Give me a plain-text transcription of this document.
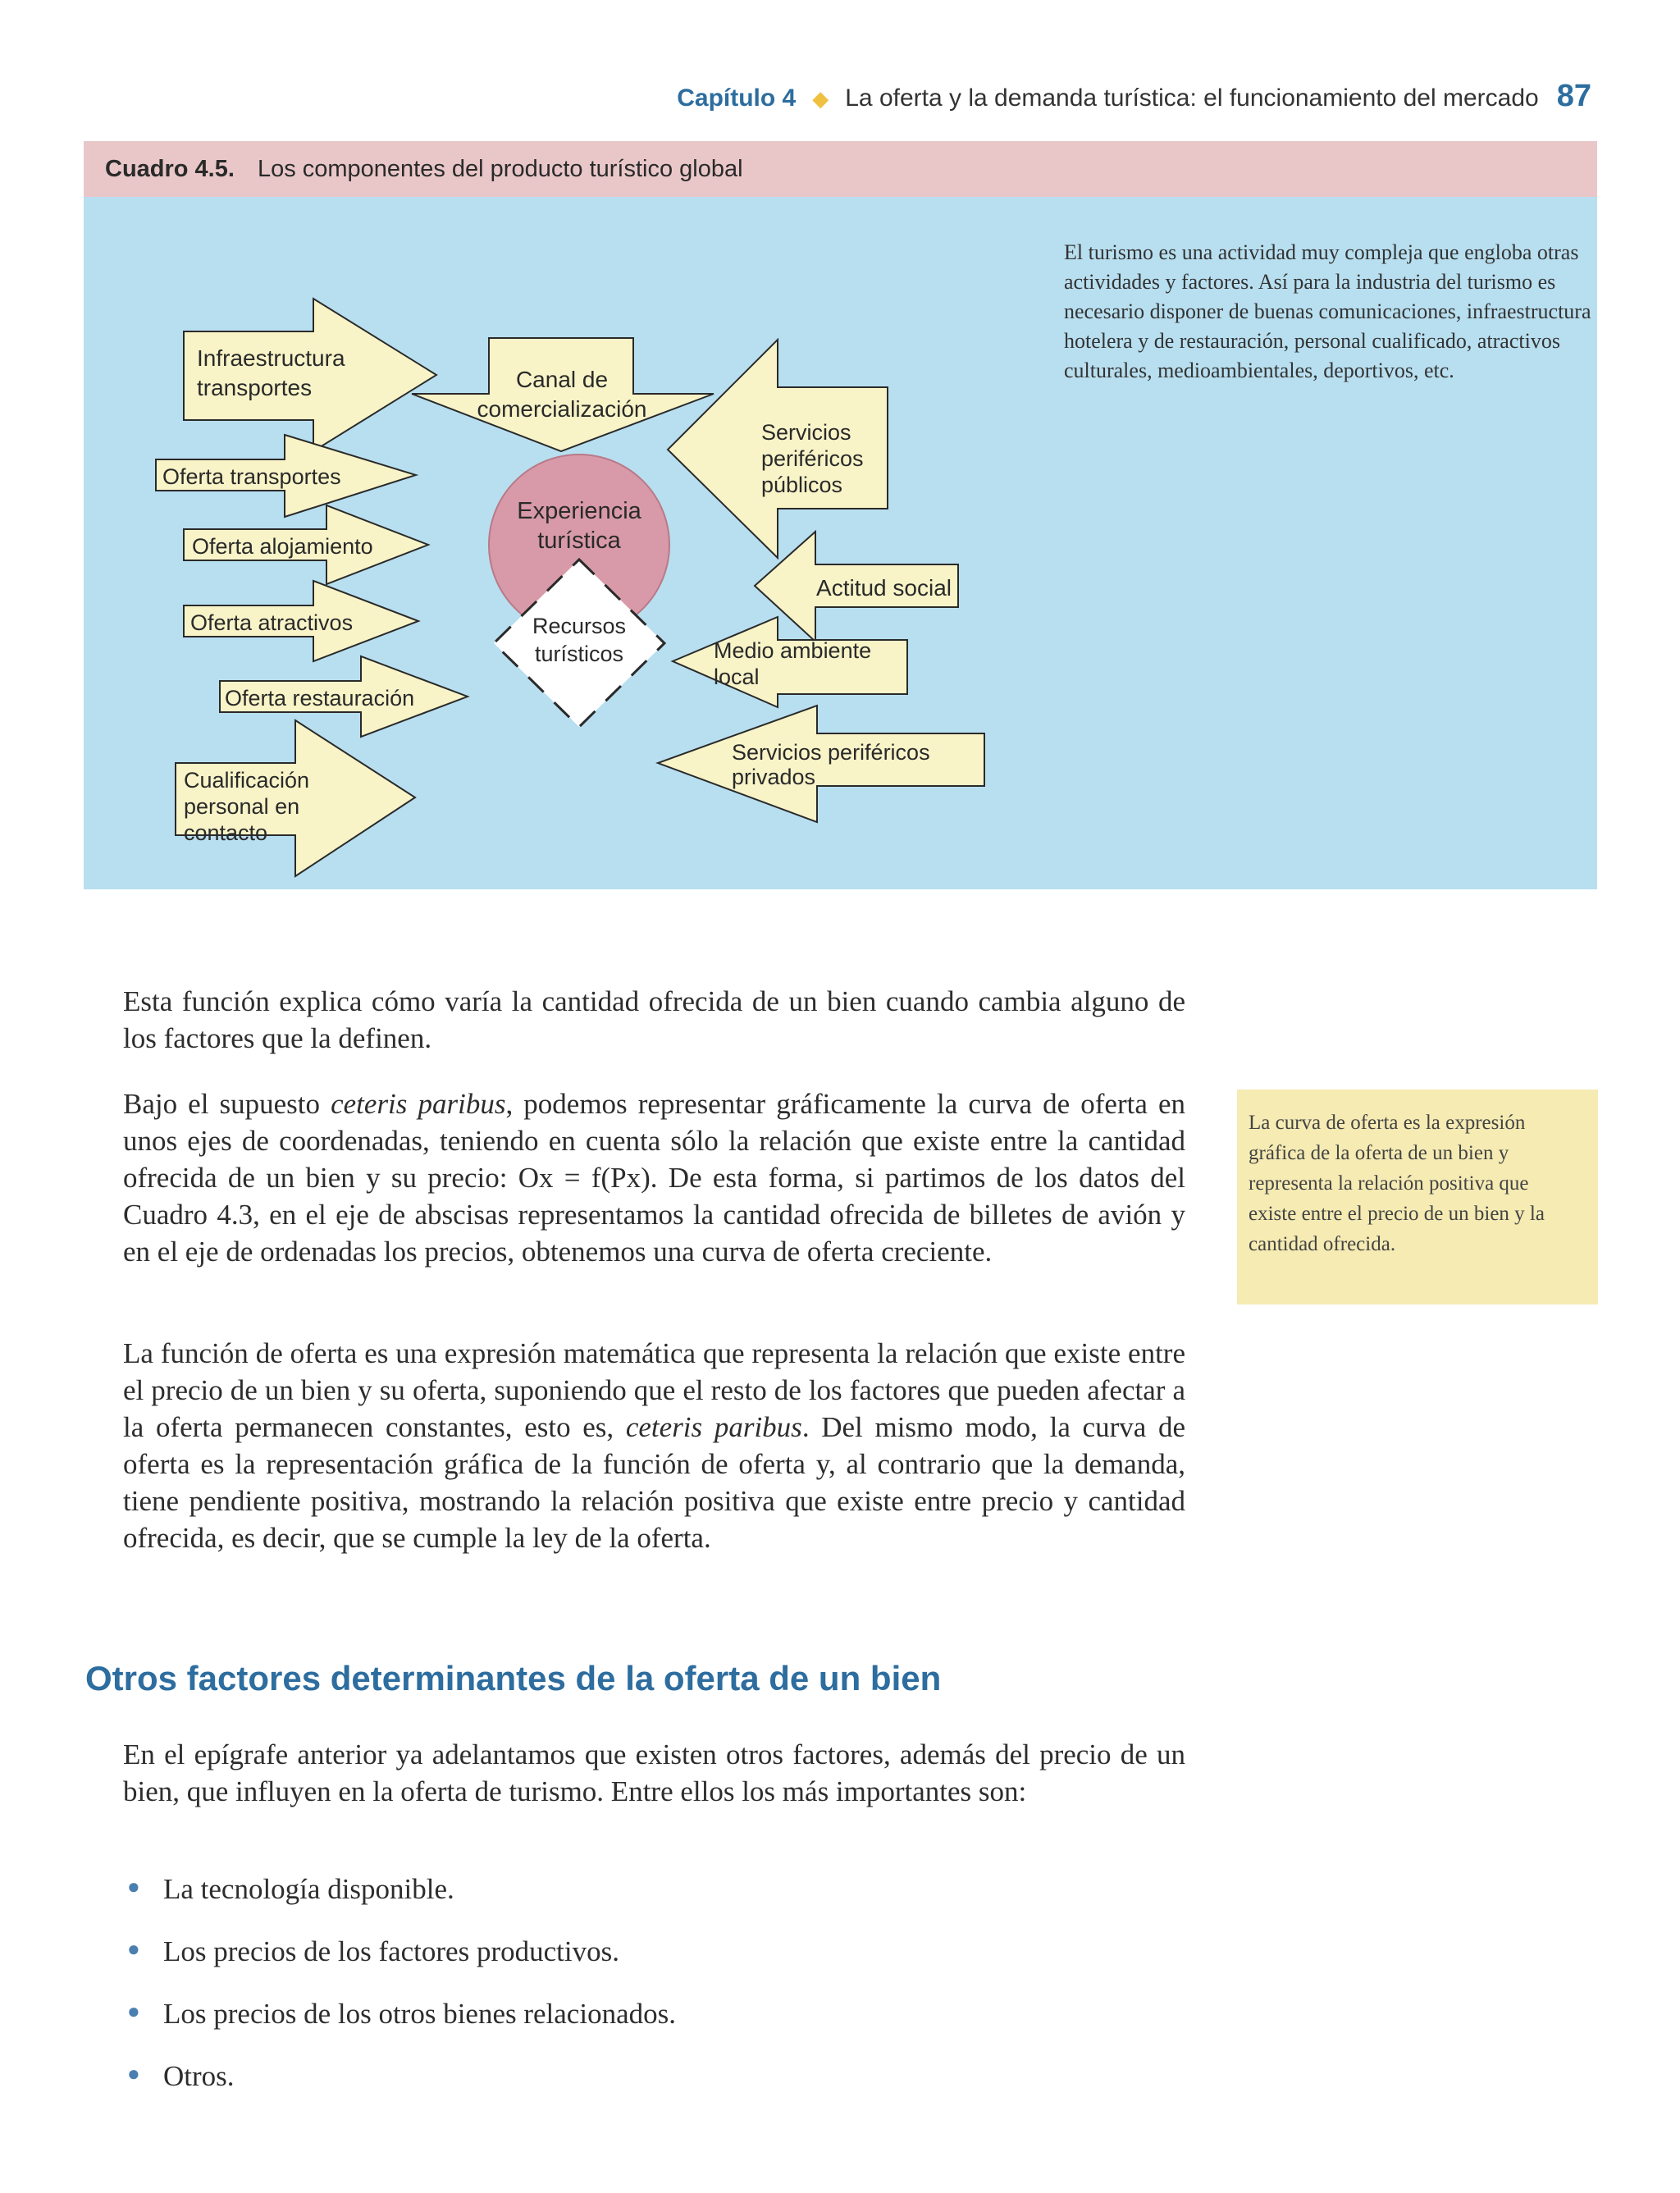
Capítulo 4 ◆ La oferta y la demanda turística: el funcionamiento del mercado 87
Cuadro 4.5. Los componentes del producto turístico global
Experiencia
turística
Recursos
turísticos
Infraestructura
transportes
Oferta transportes
Oferta alojamiento
Oferta atractivos
Oferta restauración
Cualificación
personal en
contacto
Canal de
comercialización
Servicios
periféricos
públicos
Actitud social
Medio ambiente
local
Servicios periféricos
privados
El turismo es una actividad muy compleja que engloba otras actividades y factores. Así para la industria del turismo es necesario disponer de buenas comunicaciones, infraestructura hotelera y de restauración, personal cualificado, atractivos culturales, medioambientales, deportivos, etc.

Esta función explica cómo varía la cantidad ofrecida de un bien cuando cambia alguno de los factores que la definen.

Bajo el supuesto ceteris paribus, podemos representar gráficamente la curva de oferta en unos ejes de coordenadas, teniendo en cuenta sólo la relación que existe entre la cantidad ofrecida de un bien y su precio: Ox = f(Px). De esta forma, si partimos de los datos del Cuadro 4.3, en el eje de abscisas representamos la cantidad ofrecida de billetes de avión y en el eje de ordenadas los precios, obtenemos una curva de oferta creciente.

La función de oferta es una expresión matemática que representa la relación que existe entre el precio de un bien y su oferta, suponiendo que el resto de los factores que pueden afectar a la oferta permanecen constantes, esto es, ceteris paribus. Del mismo modo, la curva de oferta es la representación gráfica de la función de oferta y, al contrario que la demanda, tiene pendiente positiva, mostrando la relación positiva que existe entre precio y cantidad ofrecida, es decir, que se cumple la ley de la oferta.

Otros factores determinantes de la oferta de un bien

En el epígrafe anterior ya adelantamos que existen otros factores, además del precio de un bien, que influyen en la oferta de turismo. Entre ellos los más importantes son:

● La tecnología disponible.
● Los precios de los factores productivos.
● Los precios de los otros bienes relacionados.
● Otros.
La curva de oferta es la expresión gráfica de la oferta de un bien y representa la relación positiva que existe entre el precio de un bien y la cantidad ofrecida.
